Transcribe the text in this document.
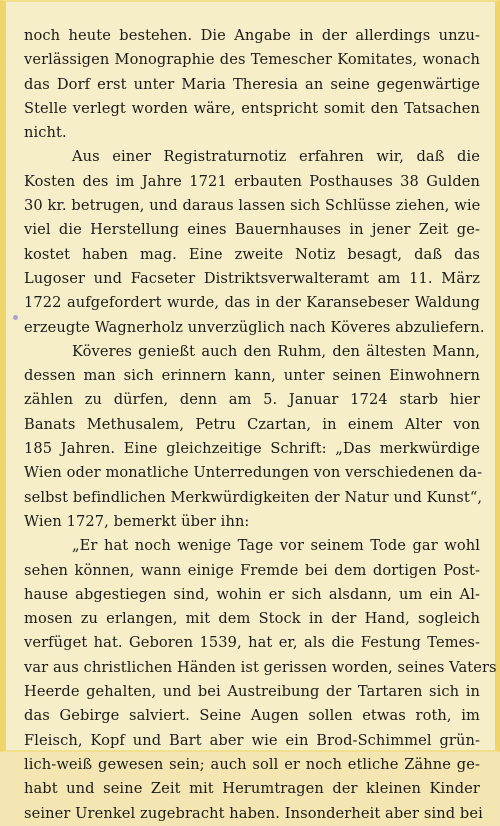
noch heute bestehen. Die Angabe in der allerdings unzu-
verlässigen Monographie des Temescher Komitates, wonach
das Dorf erst unter Maria Theresia an seine gegenwärtige
Stelle verlegt worden wäre, entspricht somit den Tatsachen
nicht.
Aus einer Registraturnotiz erfahren wir, daß die
Kosten des im Jahre 1721 erbauten Posthauses 38 Gulden
30 kr. betrugen, und daraus lassen sich Schlüsse ziehen, wie
viel die Herstellung eines Bauernhauses in jener Zeit ge-
kostet haben mag. Eine zweite Notiz besagt, daß das
Lugoser und Facseter Distriktsverwalteramt am 11. März
1722 aufgefordert wurde, das in der Karansebeser Waldung
erzeugte Wagnerholz unverzüglich nach Köveres abzuliefern.
Köveres genießt auch den Ruhm, den ältesten Mann,
dessen man sich erinnern kann, unter seinen Einwohnern
zählen zu dürfen, denn am 5. Januar 1724 starb hier
Banats Methusalem, Petru Czartan, in einem Alter von
185 Jahren. Eine gleichzeitige Schrift: „Das merkwürdige
Wien oder monatliche Unterredungen von verschiedenen da-
selbst befindlichen Merkwürdigkeiten der Natur und Kunst“,
Wien 1727, bemerkt über ihn:
„Er hat noch wenige Tage vor seinem Tode gar wohl
sehen können, wann einige Fremde bei dem dortigen Post-
hause abgestiegen sind, wohin er sich alsdann, um ein Al-
mosen zu erlangen, mit dem Stock in der Hand, sogleich
verfüget hat. Geboren 1539, hat er, als die Festung Temes-
var aus christlichen Händen ist gerissen worden, seines Vaters
Heerde gehalten, und bei Austreibung der Tartaren sich in
das Gebirge salviert. Seine Augen sollen etwas roth, im
Fleisch, Kopf und Bart aber wie ein Brod-Schimmel grün-
lich-weiß gewesen sein; auch soll er noch etliche Zähne ge-
habt und seine Zeit mit Herumtragen der kleinen Kinder
seiner Urenkel zugebracht haben. Insonderheit aber sind bei
